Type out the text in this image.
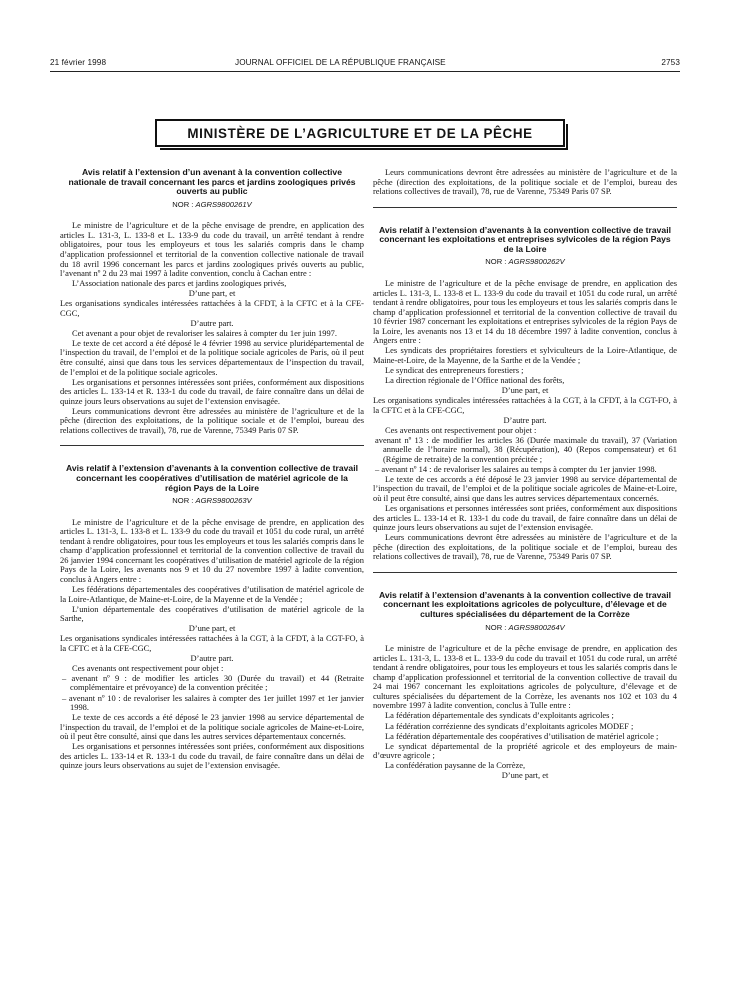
21 février 1998	JOURNAL OFFICIEL DE LA RÉPUBLIQUE FRANÇAISE	2753
MINISTÈRE DE L’AGRICULTURE ET DE LA PÊCHE
Avis relatif à l’extension d’un avenant à la convention collective nationale de travail concernant les parcs et jardins zoologiques privés ouverts au public
NOR : AGRS9800261V

Le ministre de l’agriculture et de la pêche envisage de prendre, en application des articles L. 131-3, L. 133-8 et L. 133-9 du code du travail, un arrêté tendant à rendre obligatoires, pour tous les employeurs et tous les salariés compris dans le champ d’application professionnel et territorial de la convention collective nationale de travail du 18 avril 1996 concernant les parcs et jardins zoologiques privés ouverts au public, l’avenant nº 2 du 23 mai 1997 à ladite convention, conclu à Cachan entre :

L’Association nationale des parcs et jardins zoologiques privés,

D’une part, et

Les organisations syndicales intéressées rattachées à la CFDT, à la CFTC et à la CFE-CGC,

D’autre part.

Cet avenant a pour objet de revaloriser les salaires à compter du 1er juin 1997.

Le texte de cet accord a été déposé le 4 février 1998 au service pluridépartemental de l’inspection du travail, de l’emploi et de la politique sociale agricoles de Paris, où il peut être consulté, ainsi que dans tous les services départementaux de l’inspection du travail, de l’emploi et de la politique sociale agricoles.

Les organisations et personnes intéressées sont priées, conformément aux dispositions des articles L. 133-14 et R. 133-1 du code du travail, de faire connaître dans un délai de quinze jours leurs observations au sujet de l’extension envisagée.

Leurs communications devront être adressées au ministère de l’agriculture et de la pêche (direction des exploitations, de la politique sociale et de l’emploi, bureau des relations collectives de travail), 78, rue de Varenne, 75349 Paris 07 SP.

Avis relatif à l’extension d’avenants à la convention collective de travail concernant les coopératives d’utilisation de matériel agricole de la région Pays de la Loire
NOR : AGRS9800263V

Le ministre de l’agriculture et de la pêche envisage de prendre, en application des articles L. 131-3, L. 133-8 et L. 133-9 du code du travail et 1051 du code rural, un arrêté tendant à rendre obligatoires, pour tous les employeurs et tous les salariés compris dans le champ d’application professionnel et territorial de la convention collective de travail du 26 janvier 1994 concernant les coopératives d’utilisation de matériel agricole de la région Pays de la Loire, les avenants nos 9 et 10 du 27 novembre 1997 à ladite convention, conclus à Angers entre :

Les fédérations départementales des coopératives d’utilisation de matériel agricole de la Loire-Atlantique, de Maine-et-Loire, de la Mayenne et de la Vendée ;

L’union départementale des coopératives d’utilisation de matériel agricole de la Sarthe,

D’une part, et

Les organisations syndicales intéressées rattachées à la CGT, à la CFDT, à la CGT-FO, à la CFTC et à la CFE-CGC,

D’autre part.

Ces avenants ont respectivement pour objet :

– avenant nº 9 : de modifier les articles 30 (Durée du travail) et 44 (Retraite complémentaire et prévoyance) de la convention précitée ;

– avenant nº 10 : de revaloriser les salaires à compter des 1er juillet 1997 et 1er janvier 1998.

Le texte de ces accords a été déposé le 23 janvier 1998 au service départemental de l’inspection du travail, de l’emploi et de la politique sociale agricoles de Maine-et-Loire, où il peut être consulté, ainsi que dans les autres services départementaux concernés.

Les organisations et personnes intéressées sont priées, conformément aux dispositions des articles L. 133-14 et R. 133-1 du code du travail, de faire connaître dans un délai de quinze jours leurs observations au sujet de l’extension envisagée.

Leurs communications devront être adressées au ministère de l’agriculture et de la pêche (direction des exploitations, de la politique sociale et de l’emploi, bureau des relations collectives de travail), 78, rue de Varenne, 75349 Paris 07 SP.

Avis relatif à l’extension d’avenants à la convention collective de travail concernant les exploitations et entreprises sylvicoles de la région Pays de la Loire
NOR : AGRS9800262V

Le ministre de l’agriculture et de la pêche envisage de prendre, en application des articles L. 131-3, L. 133-8 et L. 133-9 du code du travail et 1051 du code rural, un arrêté tendant à rendre obligatoires, pour tous les employeurs et tous les salariés compris dans le champ d’application professionnel et territorial de la convention collective de travail du 10 février 1987 concernant les exploitations et entreprises sylvicoles de la région Pays de la Loire, les avenants nos 13 et 14 du 18 décembre 1997 à ladite convention, conclus à Angers entre :

Les syndicats des propriétaires forestiers et sylviculteurs de la Loire-Atlantique, de Maine-et-Loire, de la Mayenne, de la Sarthe et de la Vendée ;

Le syndicat des entrepreneurs forestiers ;

La direction régionale de l’Office national des forêts,

D’une part, et

Les organisations syndicales intéressées rattachées à la CGT, à la CFDT, à la CGT-FO, à la CFTC et à la CFE-CGC,

D’autre part.

Ces avenants ont respectivement pour objet :

avenant nº 13 : de modifier les articles 36 (Durée maximale du travail), 37 (Variation annuelle de l’horaire normal), 38 (Récupération), 40 (Repos compensateur) et 61 (Régime de retraite) de la convention précitée ;

– avenant nº 14 : de revaloriser les salaires au temps à compter du 1er janvier 1998.

Le texte de ces accords a été déposé le 23 janvier 1998 au service départemental de l’inspection du travail, de l’emploi et de la politique sociale agricoles de Maine-et-Loire, où il peut être consulté, ainsi que dans les autres services départementaux concernés.

Les organisations et personnes intéressées sont priées, conformément aux dispositions des articles L. 133-14 et R. 133-1 du code du travail, de faire connaître dans un délai de quinze jours leurs observations au sujet de l’extension envisagée.

Leurs communications devront être adressées au ministère de l’agriculture et de la pêche (direction des exploitations, de la politique sociale et de l’emploi, bureau des relations collectives de travail), 78, rue de Varenne, 75349 Paris 07 SP.

Avis relatif à l’extension d’avenants à la convention collective de travail concernant les exploitations agricoles de polyculture, d’élevage et de cultures spécialisées du département de la Corrèze
NOR : AGRS9800264V

Le ministre de l’agriculture et de la pêche envisage de prendre, en application des articles L. 131-3, L. 133-8 et L. 133-9 du code du travail et 1051 du code rural, un arrêté tendant à rendre obligatoires, pour tous les employeurs et tous les salariés compris dans le champ d’application professionnel et territorial de la convention collective de travail du 24 mai 1967 concernant les exploitations agricoles de polyculture, d’élevage et de cultures spécialisées du département de la Corrèze, les avenants nos 102 et 103 du 4 novembre 1997 à ladite convention, conclus à Tulle entre :

La fédération départementale des syndicats d’exploitants agricoles ;

La fédération corrézienne des syndicats d’exploitants agricoles MODEF ;

La fédération départementale des coopératives d’utilisation de matériel agricole ;

Le syndicat départemental de la propriété agricole et des employeurs de main-d’œuvre agricole ;

La confédération paysanne de la Corrèze,

D’une part, et
